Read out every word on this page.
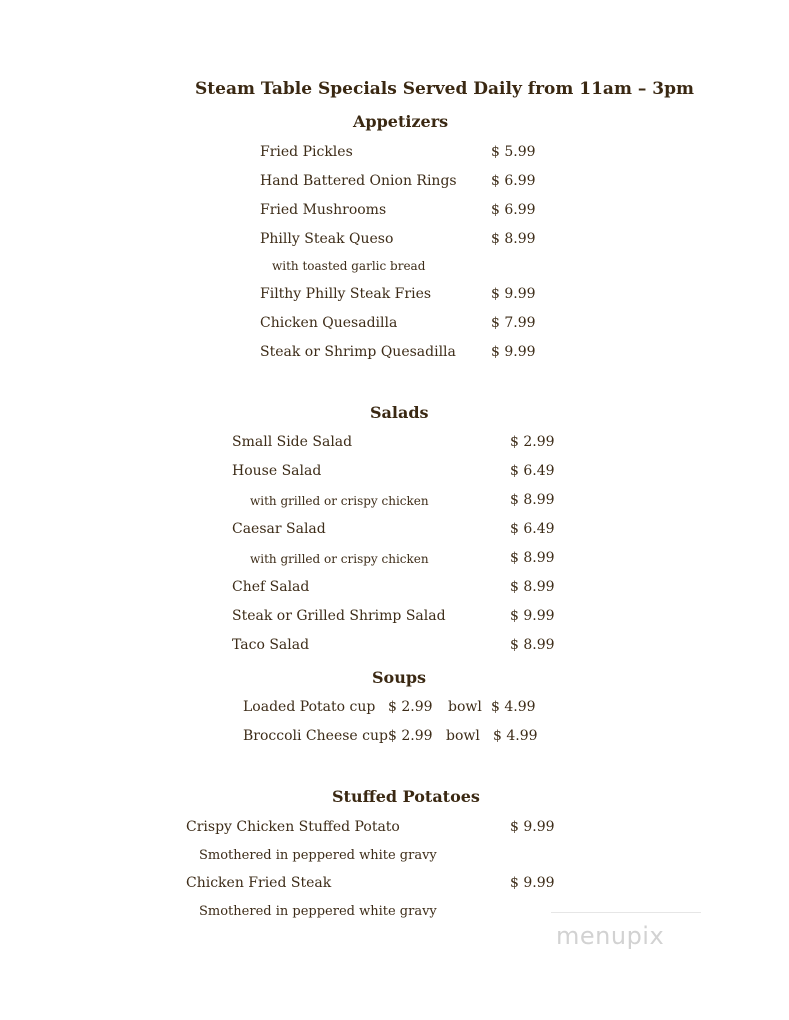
Steam Table Specials Served Daily from 11am – 3pm
Appetizers
Fried Pickles	$ 5.99
Hand Battered Onion Rings $ 6.99
Fried Mushrooms	$ 6.99
Philly Steak Queso	$ 8.99
with toasted garlic bread
Filthy Philly Steak Fries	$ 9.99
Chicken Quesadilla	$ 7.99
Steak or Shrimp Quesadilla	$ 9.99
Salads
Small Side Salad	$ 2.99
House Salad	$ 6.49
with grilled or crispy chicken	$ 8.99
Caesar Salad	$ 6.49
with grilled or crispy chicken	$ 8.99
Chef Salad	$ 8.99
Steak or Grilled Shrimp Salad	$ 9.99
Taco Salad	$ 8.99
Soups
Loaded Potato cup $ 2.99 bowl $ 4.99
Broccoli Cheese cup $ 2.99 bowl $ 4.99
Stuffed Potatoes
Crispy Chicken Stuffed Potato	$ 9.99
Smothered in peppered white gravy
Chicken Fried Steak	$ 9.99
Smothered in peppered white gravy
menupix
